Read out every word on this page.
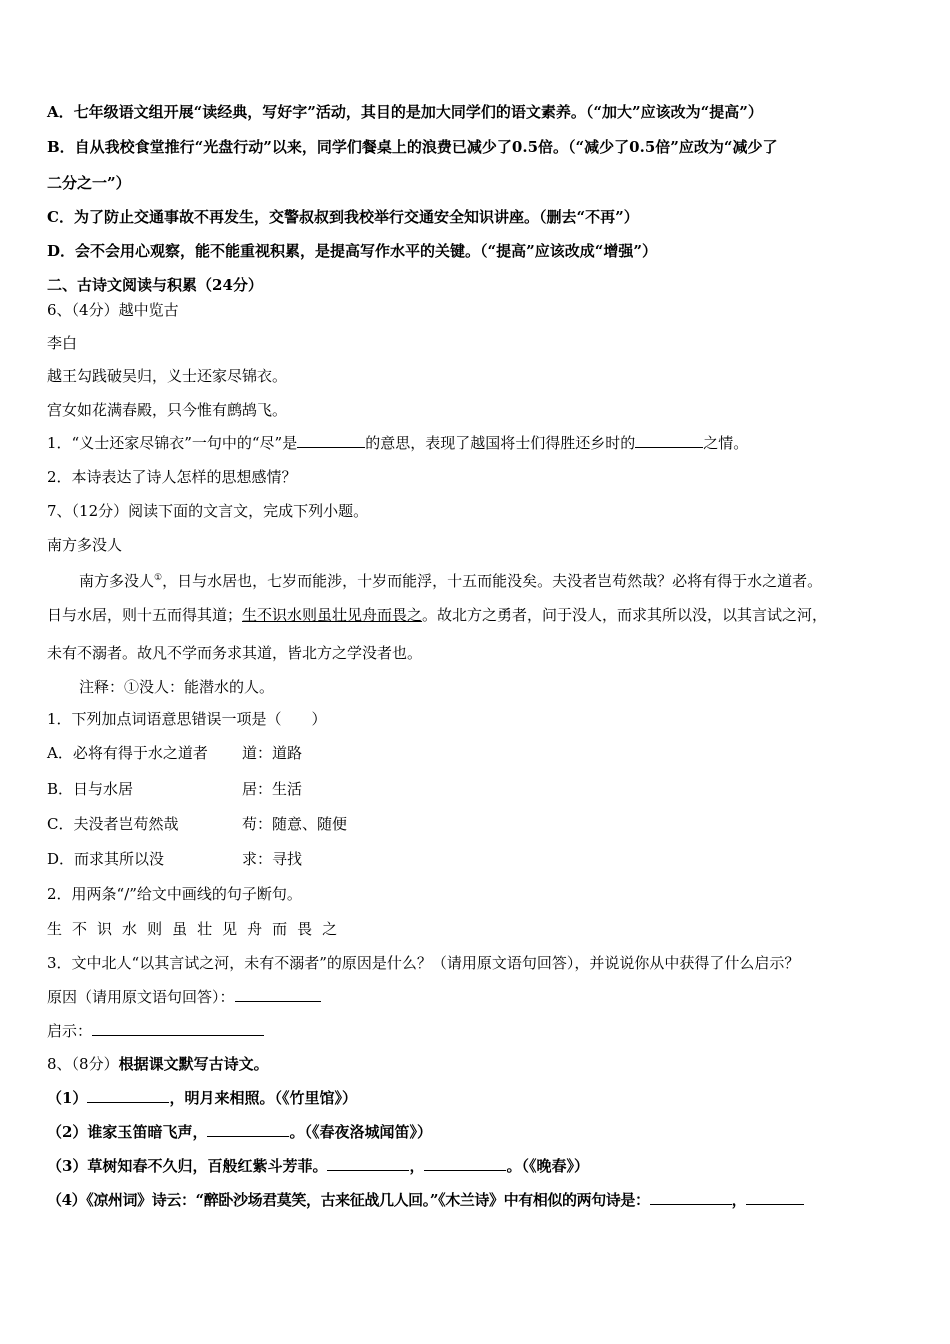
A．七年级语文组开展“读经典，写好字”活动，其目的是加大同学们的语文素养。（“加大”应该改为“提高”）
B．自从我校食堂推行“光盘行动”以来，同学们餐桌上的浪费已减少了0.5倍。（“减少了0.5倍”应改为“减少了
二分之一”）
C．为了防止交通事故不再发生，交警叔叔到我校举行交通安全知识讲座。（删去“不再”）
D．会不会用心观察，能不能重视积累，是提高写作水平的关键。（“提高”应该改成“增强”）
二、古诗文阅读与积累（24分）
6、（4分）越中览古
李白
越王勾践破吴归，义士还家尽锦衣。
宫女如花满春殿，只今惟有鹧鸪飞。
1．“义士还家尽锦衣”一句中的“尽”是	的意思，表现了越国将士们得胜还乡时的	之情。
2．本诗表达了诗人怎样的思想感情？
7、（12分）阅读下面的文言文，完成下列小题。
南方多没人
南方多没人①，日与水居也，七岁而能涉，十岁而能浮，十五而能没矣。夫没者岂苟然哉？必将有得于水之道者。
日与水居，则十五而得其道；生不识水则虽壮见舟而畏之。故北方之勇者，问于没人，而求其所以没，以其言试之河，
未有不溺者。故凡不学而务求其道，皆北方之学没者也。
注释：①没人：能潜水的人。
1．下列加点词语意思错误一项是（　　）
A．必将有得于水之道者 道：道路
B．日与水居	居：生活
C．夫没者岂苟然哉	苟：随意、随便
D．而求其所以没	求：寻找
2．用两条“/”给文中画线的句子断句。
生不识水则虽壮见舟而畏之
3．文中北人“以其言试之河，未有不溺者”的原因是什么？（请用原文语句回答），并说说你从中获得了什么启示？
原因（请用原文语句回答）：
启示：
8、（8分）根据课文默写古诗文。
（1）	，明月来相照。（《竹里馆》）
（2）谁家玉笛暗飞声，	。（《春夜洛城闻笛》）
（3）草树知春不久归，百般红紫斗芳菲。	，	。（《晚春》）
（4）《凉州词》诗云：“醉卧沙场君莫笑，古来征战几人回。”《木兰诗》中有相似的两句诗是：	，
